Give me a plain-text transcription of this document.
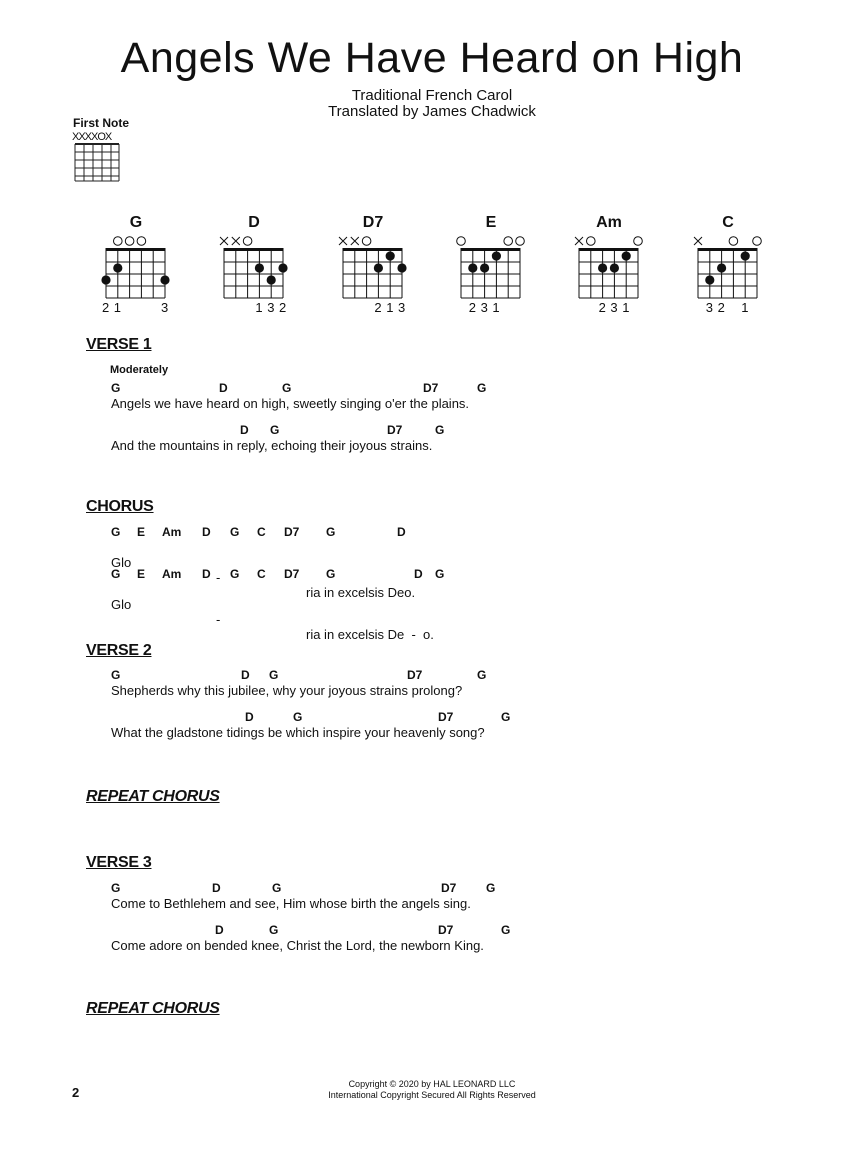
Angels We Have Heard on High
Traditional French Carol
Translated by James Chadwick
First Note
XXXXOX
G
2 1	3
D
1 3 2
D7
2 1 3
E
2 3 1
Am
2 3 1
C
3 2 1
VERSE 1
Moderately
G	D	G	D7	G
Angels we have heard on high, sweetly singing o'er the plains.
D G	D7	G
And the mountains in reply, echoing their joyous strains.
CHORUS
G E Am D G C D7 G	D

Glo

-

ria in excelsis Deo.

G E Am D G C D7 G	D G

Glo

-

ria in excelsis De  -  o.

VERSE 2
G	D G	D7	G
Shepherds why this jubilee, why your joyous strains prolong?
D	G	D7	G
What the gladstone tidings be which inspire your heavenly song?
REPEAT CHORUS
VERSE 3
G	D	G	D7 G
Come to Bethlehem and see, Him whose birth the angels sing.
D	G	D7	G
Come adore on bended knee, Christ the Lord, the newborn King.
REPEAT CHORUS
Copyright © 2020 by HAL LEONARD LLC
International Copyright Secured All Rights Reserved
2
